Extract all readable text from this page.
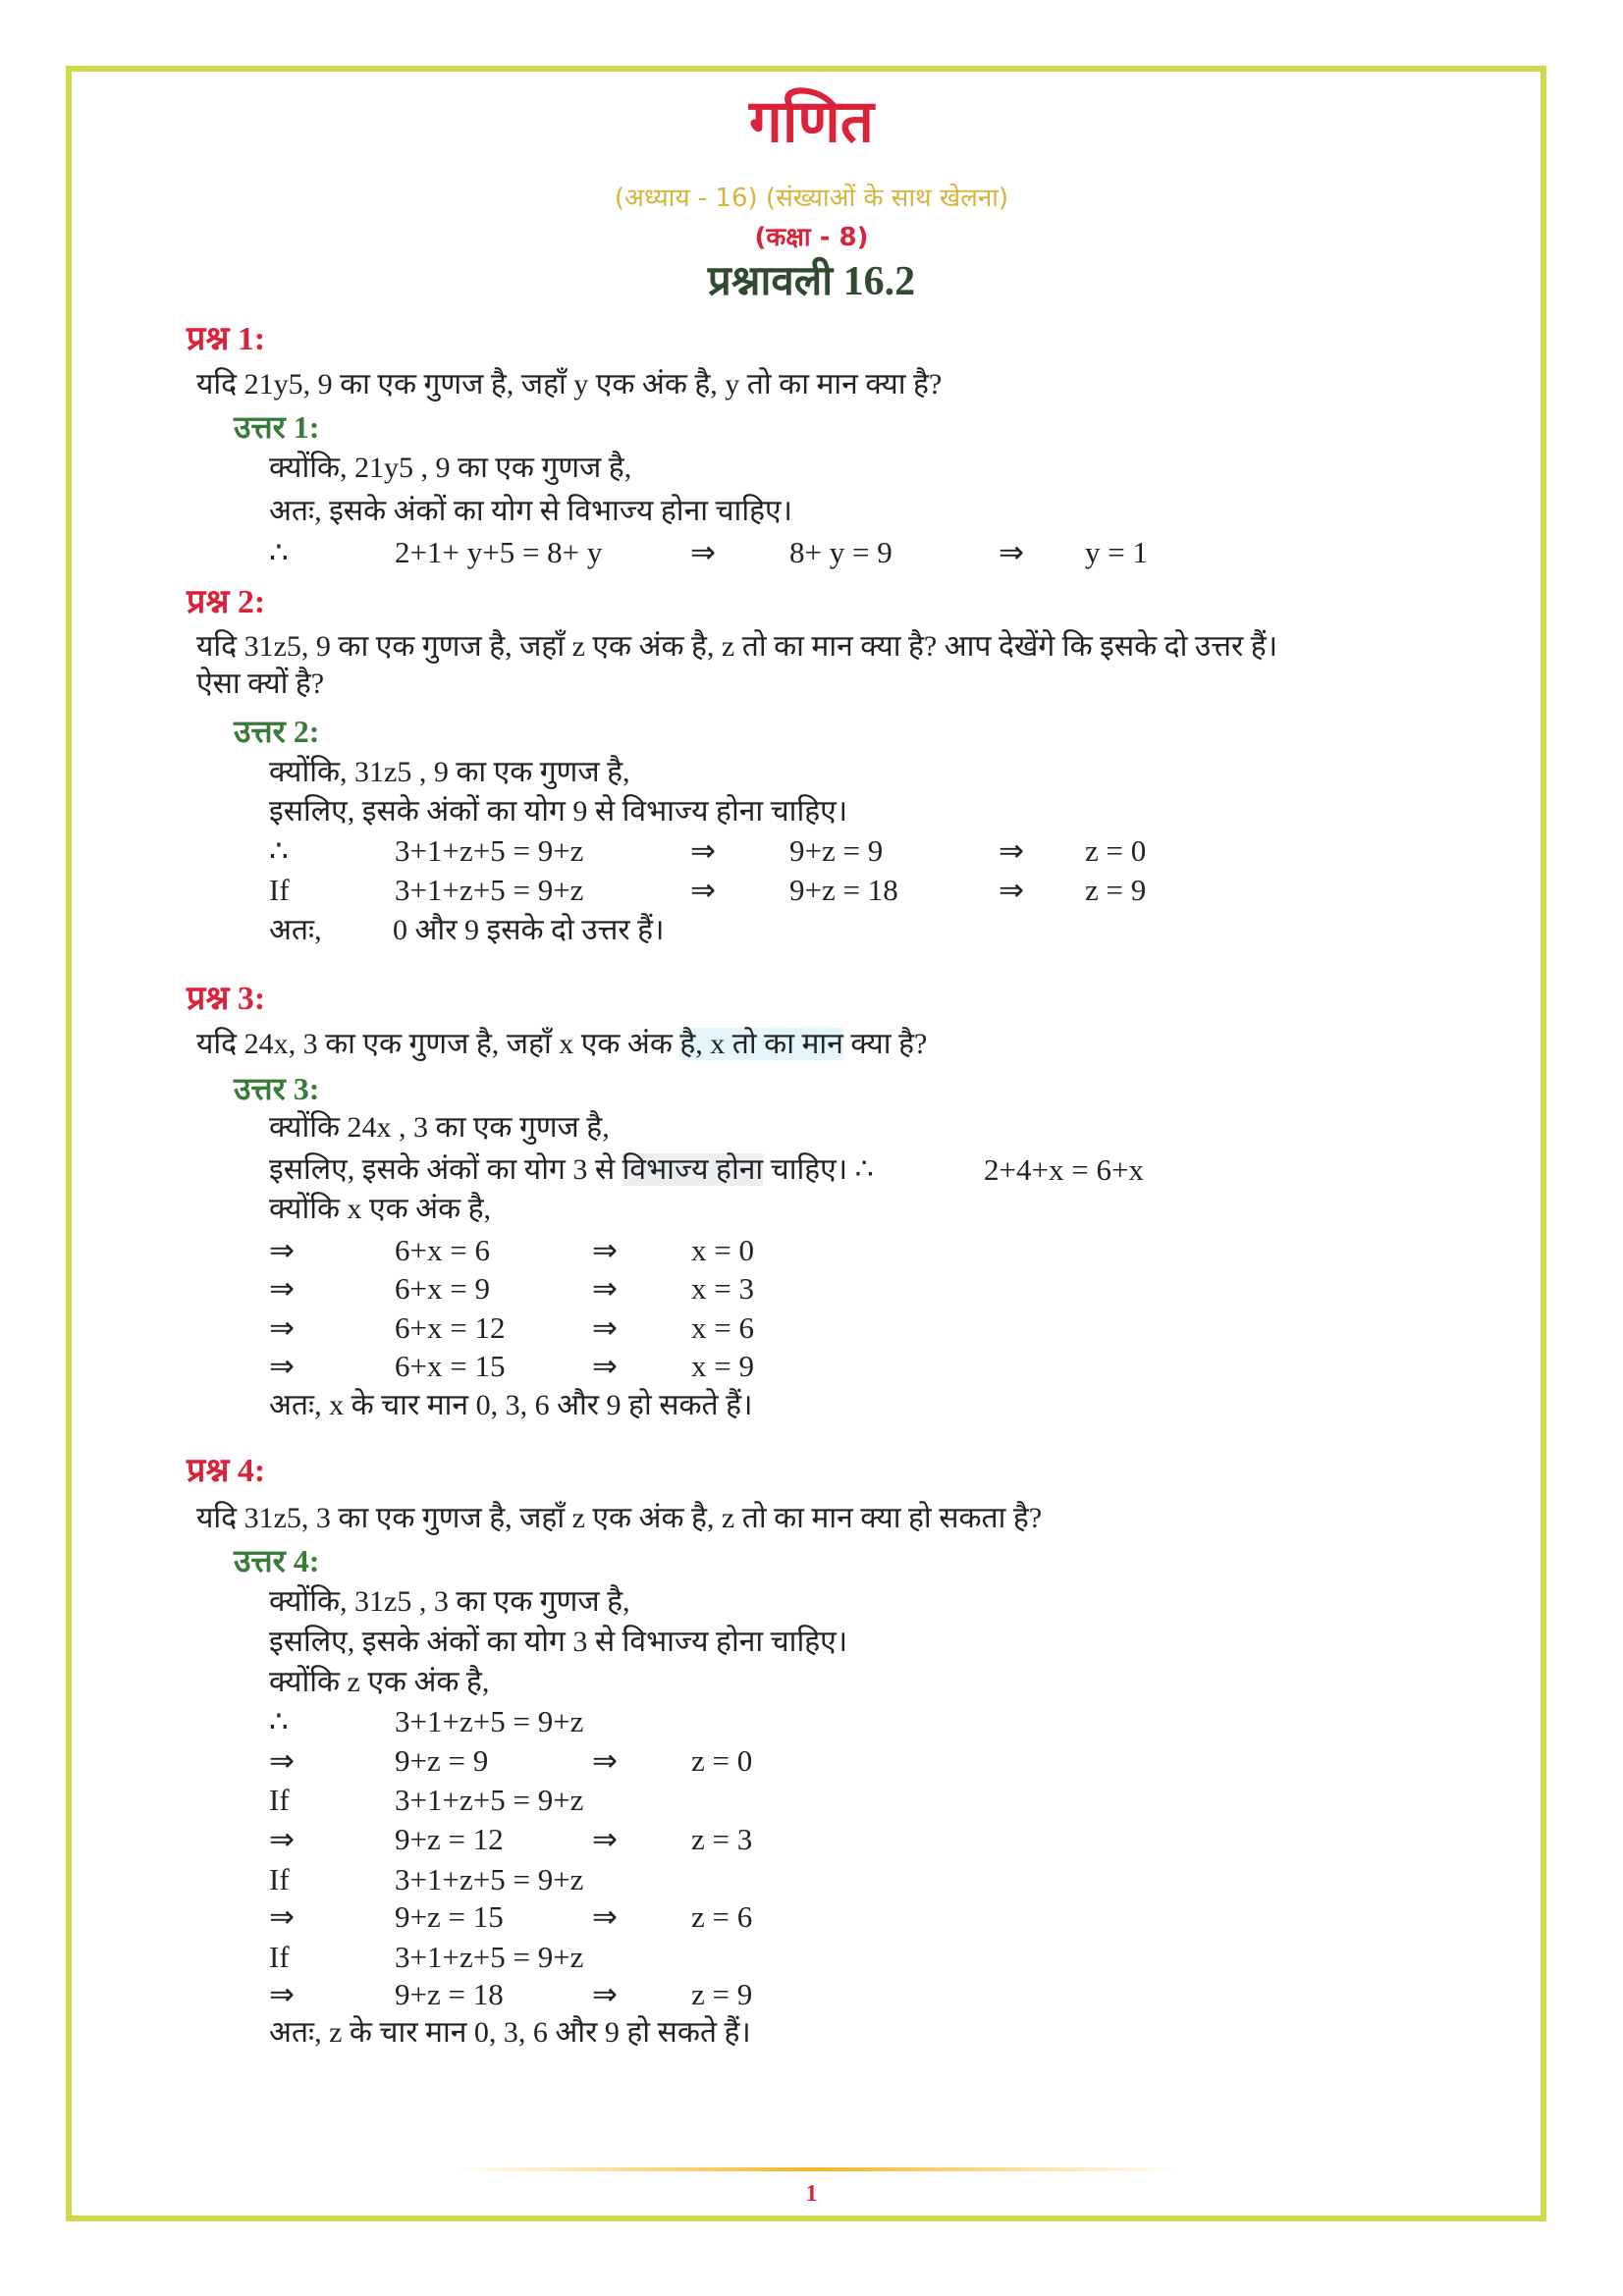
गणित
(अध्याय - 16) (संख्याओं के साथ खेलना)
(कक्षा - 8)
प्रश्नावली 16.2
प्रश्न 1:
यदि 21y5, 9 का एक गुणज है, जहाँ y एक अंक है, y तो का मान क्या है?
उत्तर 1:
क्योंकि, 21y5 , 9 का एक गुणज है,
अतः, इसके अंकों का योग से विभाज्य होना चाहिए।
∴	2+1+ y+5 = 8+ y	⇒ 8+ y = 9	⇒ y = 1
प्रश्न 2:
यदि 31z5, 9 का एक गुणज है, जहाँ z एक अंक है, z तो का मान क्या है? आप देखेंगे कि इसके दो उत्तर हैं।
ऐसा क्यों है?
उत्तर 2:
क्योंकि, 31z5 , 9 का एक गुणज है,
इसलिए, इसके अंकों का योग 9 से विभाज्य होना चाहिए।
∴	3+1+z+5 = 9+z	⇒ 9+z = 9	⇒ z = 0
If	3+1+z+5 = 9+z	⇒ 9+z = 18	⇒ z = 9
अतः, 0 और 9 इसके दो उत्तर हैं।
प्रश्न 3:
यदि 24x, 3 का एक गुणज है, जहाँ x एक अंक है, x तो का मान क्या है?
उत्तर 3:
क्योंकि 24x , 3 का एक गुणज है,
इसलिए, इसके अंकों का योग 3 से विभाज्य होना चाहिए। ∴	2+4+x = 6+x
क्योंकि x एक अंक है,
⇒	6+x = 6	⇒ x = 0
⇒	6+x = 9	⇒ x = 3
⇒	6+x = 12	⇒ x = 6
⇒	6+x = 15	⇒ x = 9
अतः, x के चार मान 0, 3, 6 और 9 हो सकते हैं।
प्रश्न 4:
यदि 31z5, 3 का एक गुणज है, जहाँ z एक अंक है, z तो का मान क्या हो सकता है?
उत्तर 4:
क्योंकि, 31z5 , 3 का एक गुणज है,
इसलिए, इसके अंकों का योग 3 से विभाज्य होना चाहिए।
क्योंकि z एक अंक है,
∴	3+1+z+5 = 9+z
⇒	9+z = 9	⇒ z = 0
If	3+1+z+5 = 9+z
⇒	9+z = 12	⇒ z = 3
If	3+1+z+5 = 9+z
⇒	9+z = 15	⇒ z = 6
If	3+1+z+5 = 9+z
⇒	9+z = 18	⇒ z = 9
अतः, z के चार मान 0, 3, 6 और 9 हो सकते हैं।
1
